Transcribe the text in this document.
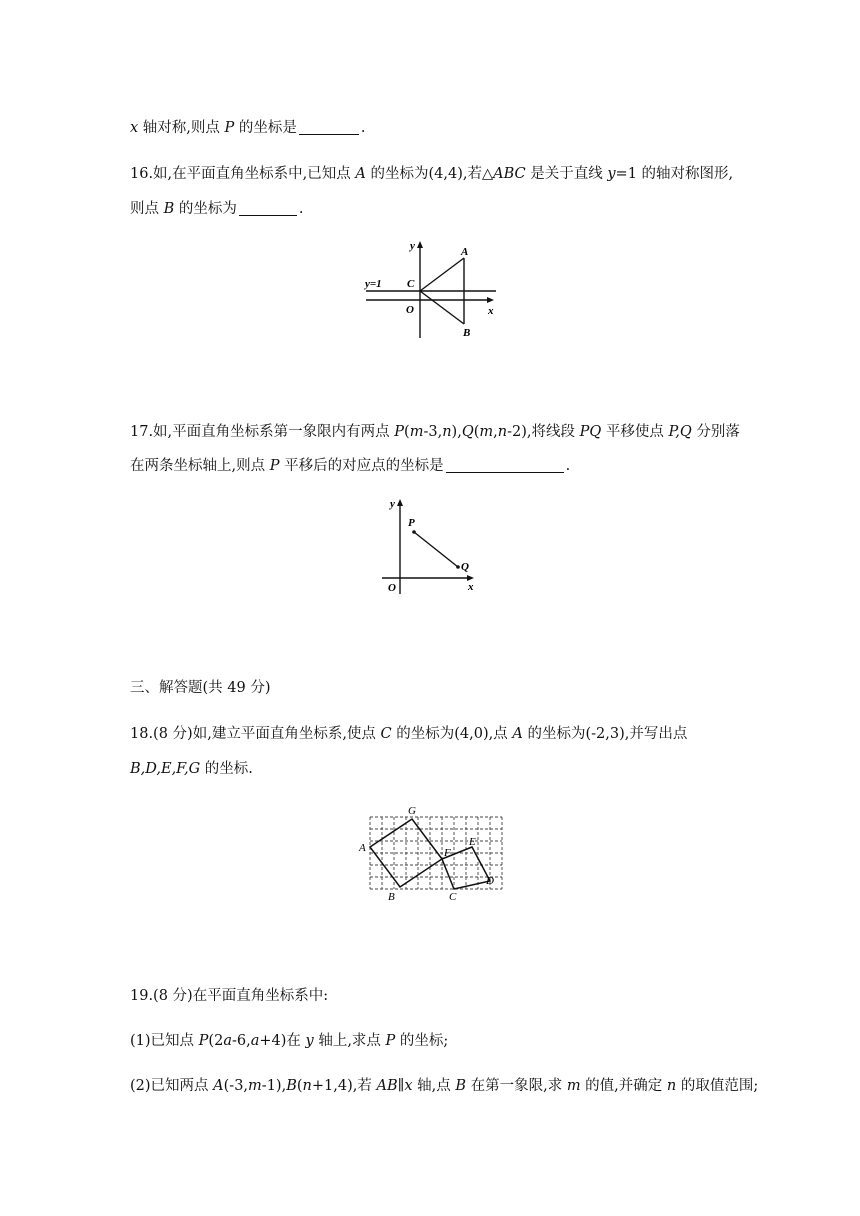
x 轴对称,则点 P 的坐标是	.
16.如,在平面直角坐标系中,已知点 A 的坐标为(4,4),若△ABC 是关于直线 y=1 的轴对称图形,
则点 B 的坐标为	.
y
x
y=1
A
B
C
O
17.如,平面直角坐标系第一象限内有两点 P(m-3,n),Q(m,n-2),将线段 PQ 平移使点 P,Q 分别落
在两条坐标轴上,则点 P 平移后的对应点的坐标是	.
y
x
P
Q
O
三、解答题(共 49 分)
18.(8 分)如,建立平面直角坐标系,使点 C 的坐标为(4,0),点 A 的坐标为(-2,3),并写出点
B,D,E,F,G 的坐标.
A
B	C
D
E
F
G
19.(8 分)在平面直角坐标系中:
(1)已知点 P(2a-6,a+4)在 y 轴上,求点 P 的坐标;
(2)已知两点 A(-3,m-1),B(n+1,4),若 AB∥x 轴,点 B 在第一象限,求 m 的值,并确定 n 的取值范围;
